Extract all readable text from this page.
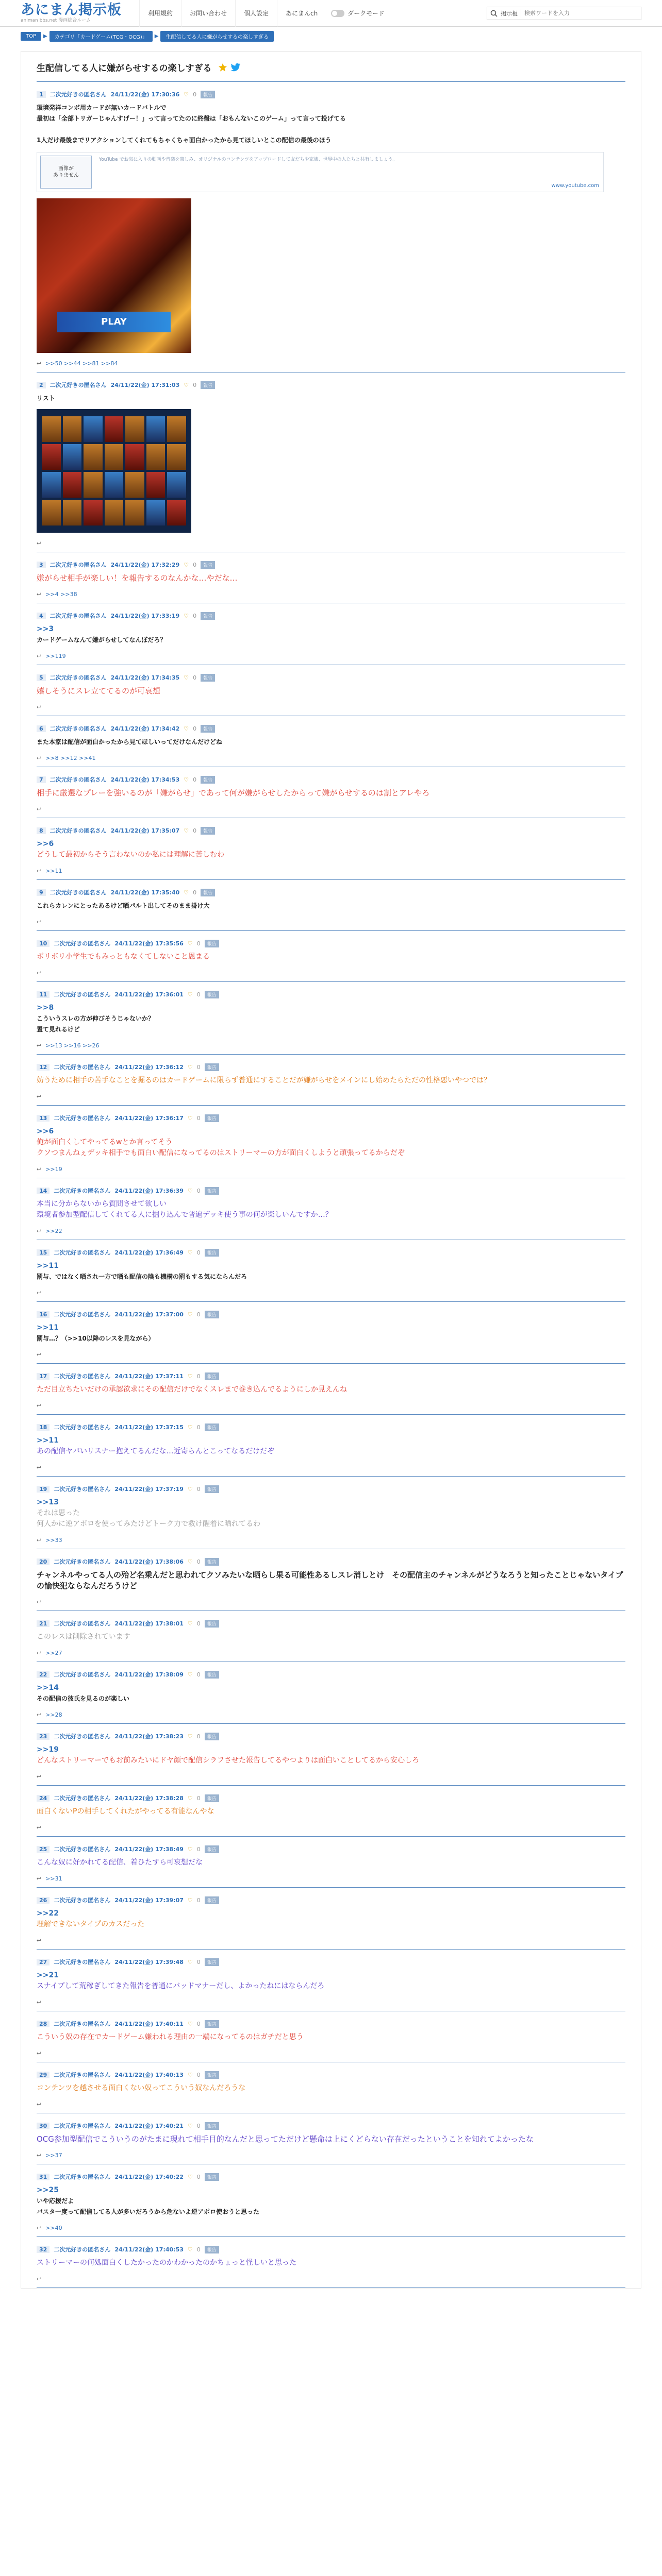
あにまん掲示板
animan bbs.net 漫画総合ルーム
利用規約	お問い合わせ	個人設定	あにまんch	ダークモード	掲示板
検索ワードを入力
TOP	▶	カテゴリ「カードゲーム(TCG・OCG)」	▶	生配信してる人に嫌がらせするの楽しすぎる
生配信してる人に嫌がらせするの楽しすぎる
1	二次元好きの匿名さん 24/11/22(金) 17:30:36 ♡ 0	報告
環境発祥コンボ用カードが無いカードバトルで
最初は「全部トリガーじゃんすげー！」って言ってたのに終盤は「おもんないこのゲーム」って言って投げてる
1人だけ最後までリアクションしてくれてもちゃくちゃ面白かったから見てほしいとこの配信の最後のほう
画像が
ありません
YouTube でお気に入りの動画や音楽を楽しみ、オリジナルのコンテンツをアップロードして友だちや家族、世界中の人たちと共有しましょう。
www.youtube.com
PLAY
↩ >>50 >>44 >>81 >>84
2	二次元好きの匿名さん 24/11/22(金) 17:31:03 ♡ 0	報告
リスト
↩
3	二次元好きの匿名さん 24/11/22(金) 17:32:29 ♡ 0	報告
嫌がらせ相手が楽しい！を報告するのなんかな…やだな…
↩ >>4 >>38
4	二次元好きの匿名さん 24/11/22(金) 17:33:19 ♡ 0	報告
>>3
カードゲームなんて嫌がらせしてなんぼだろ？
↩ >>119
5	二次元好きの匿名さん 24/11/22(金) 17:34:35 ♡ 0	報告
嬉しそうにスレ立ててるのが可哀想
↩
6	二次元好きの匿名さん 24/11/22(金) 17:34:42 ♡ 0	報告
また本家は配信が面白かったから見てほしいってだけなんだけどね
↩ >>8 >>12 >>41
7	二次元好きの匿名さん 24/11/22(金) 17:34:53 ♡ 0	報告
相手に厳選なプレーを強いるのが「嫌がらせ」であって何が嫌がらせしたからって嫌がらせするのは割とアレやろ
↩
8	二次元好きの匿名さん 24/11/22(金) 17:35:07 ♡ 0	報告
>>6
どうして最初からそう言わないのか私には理解に苦しむわ
↩ >>11
9	二次元好きの匿名さん 24/11/22(金) 17:35:40 ♡ 0	報告
これらカレンにとったあるけど晒パルト出してそのまま掛け大
↩
10	二次元好きの匿名さん 24/11/22(金) 17:35:56 ♡ 0	報告
ボリボリ小学生でもみっともなくてしないこと恩まる
↩
11	二次元好きの匿名さん 24/11/22(金) 17:36:01 ♡ 0	報告
>>8
こういうスレの方が伸びそうじゃないか？
置て見れるけど
↩ >>13 >>16 >>26
12	二次元好きの匿名さん 24/11/22(金) 17:36:12 ♡ 0	報告
妨うために相手の苦手なことを掘るのはカードゲームに限らず普通にすることだが嫌がらせをメインにし始めたらただの性格悪いやつでは？
↩
13	二次元好きの匿名さん 24/11/22(金) 17:36:17 ♡ 0	報告
>>6
俺が面白くしてやってるwとか言ってそう
クソつまんねぇデッキ相手でも面白い配信になってるのはストリーマーの方が面白くしようと頑張ってるからだぞ
↩ >>19
14	二次元好きの匿名さん 24/11/22(金) 17:36:39 ♡ 0	報告
本当に分からないから質問させて欲しい
環境者参加型配信してくれてる人に掘り込んで普遍デッキ使う事の何が楽しいんですか…？
↩ >>22
15	二次元好きの匿名さん 24/11/22(金) 17:36:49 ♡ 0	報告
>>11
罰与、ではなく晒され一方で晒も配信の陰も機構の罰もする気にならんだろ
↩
16	二次元好きの匿名さん 24/11/22(金) 17:37:00 ♡ 0	報告
>>11
罰与…？（>>10以降のレスを見ながら）
↩
17	二次元好きの匿名さん 24/11/22(金) 17:37:11 ♡ 0	報告
ただ目立ちたいだけの承認欲求にその配信だけでなくスレまで巻き込んでるようにしか見えんね
↩
18	二次元好きの匿名さん 24/11/22(金) 17:37:15 ♡ 0	報告
>>11
あの配信ヤバいリスナー抱えてるんだな…近寄らんとこってなるだけだぞ
↩
19	二次元好きの匿名さん 24/11/22(金) 17:37:19 ♡ 0	報告
>>13
それは思った
何人かに逆アポロを使ってみたけどトーク力で救け醒着に晒れてるわ
↩ >>33
20	二次元好きの匿名さん 24/11/22(金) 17:38:06 ♡ 0	報告
チャンネルやってる人の殆ど名乗んだと思われてクソみたいな晒らし果る可能性あるしスレ消しとけ　その配信主のチャンネルがどうなろうと知ったことじゃないタイプの愉快犯ならなんだろうけど
↩
21	二次元好きの匿名さん 24/11/22(金) 17:38:01 ♡ 0	報告
このレスは削除されています
↩ >>27
22	二次元好きの匿名さん 24/11/22(金) 17:38:09 ♡ 0	報告
>>14
その配信の彼氏を見るのが楽しい
↩ >>28
23	二次元好きの匿名さん 24/11/22(金) 17:38:23 ♡ 0	報告
>>19
どんなストリーマーでもお前みたいにドヤ顔で配信シラフさせた報告してるやつよりは面白いことしてるから安心しろ
↩
24	二次元好きの匿名さん 24/11/22(金) 17:38:28 ♡ 0	報告
面白くないPの相手してくれたがやってる有能なんやな
↩
25	二次元好きの匿名さん 24/11/22(金) 17:38:49 ♡ 0	報告
こんな奴に好かれてる配信、着ひたすら可哀想だな
↩ >>31
26	二次元好きの匿名さん 24/11/22(金) 17:39:07 ♡ 0	報告
>>22
理解できないタイプのカスだった
↩
27	二次元好きの匿名さん 24/11/22(金) 17:39:48 ♡ 0	報告
>>21
スナイプして荒稼ぎしてきた報告を普通にバッドマナーだし、よかったねにはならんだろ
↩
28	二次元好きの匿名さん 24/11/22(金) 17:40:11 ♡ 0	報告
こういう奴の存在でカードゲーム嫌われる理由の一端になってるのはガチだと思う
↩
29	二次元好きの匿名さん 24/11/22(金) 17:40:13 ♡ 0	報告
コンテンツを越させる面白くない奴ってこういう奴なんだろうな
↩
30	二次元好きの匿名さん 24/11/22(金) 17:40:21 ♡ 0	報告
OCG参加型配信でこういうのがたまに現れて相手目的なんだと思ってただけど懸命は上にくどらない存在だったということを知れてよかったな
↩ >>37
31	二次元好きの匿名さん 24/11/22(金) 17:40:22 ♡ 0	報告
>>25
いや応援だよ
バスタ一度って配信してる人が多いだろうから危ないよ逆アポロ使おうと思った
↩ >>40
32	二次元好きの匿名さん 24/11/22(金) 17:40:53 ♡ 0	報告
ストリーマーの何処面白くしたかったのかわかったのかちょっと怪しいと思った
↩
